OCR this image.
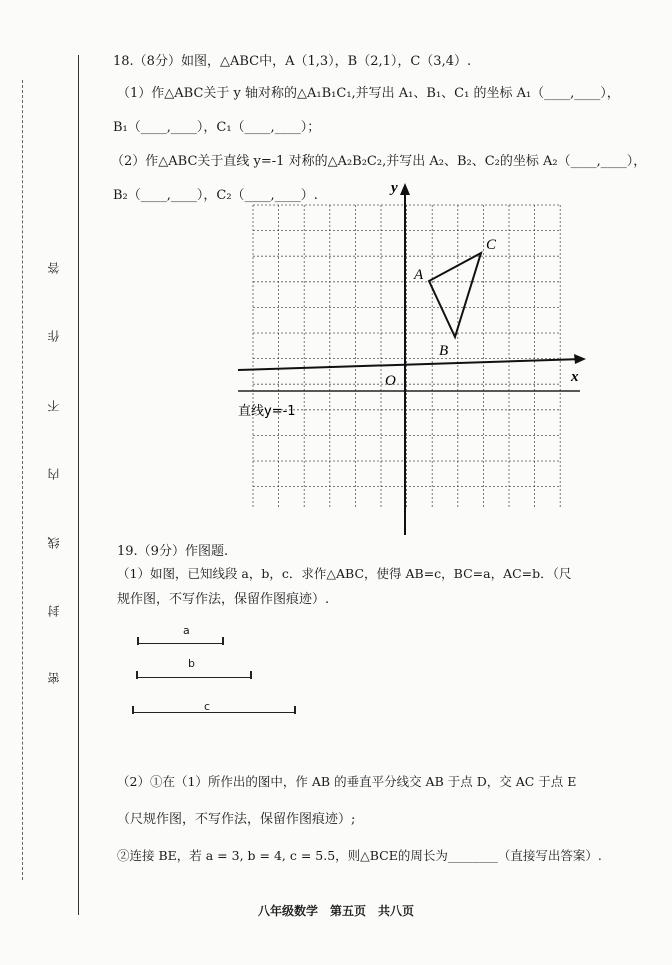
答
作
不
内
线
封
密
18.（8分）如图，△ABC中，A（1,3），B（2,1），C（3,4）.
（1）作△ABC关于 y 轴对称的△A₁B₁C₁,并写出 A₁、B₁、C₁ 的坐标 A₁（____,____），
B₁（____,____），C₁（____,____）；
（2）作△ABC关于直线 y=-1 对称的△A₂B₂C₂,并写出 A₂、B₂、C₂的坐标 A₂（____,____），
B₂（____,____），C₂（____,____）.
x
y
O
A
B
C
直线y=-1
19.（9分）作图题.
（1）如图，已知线段 a，b，c．求作△ABC，使得 AB=c，BC=a，AC=b．（尺
规作图，不写作法，保留作图痕迹）.
a
b
c
（2）①在（1）所作出的图中，作 AB 的垂直平分线交 AB 于点 D，交 AC 于点 E
（尺规作图，不写作法，保留作图痕迹）;
②连接 BE，若 a = 3, b = 4, c = 5.5，则△BCE的周长为________（直接写出答案）.
八年级数学　第五页　共八页
